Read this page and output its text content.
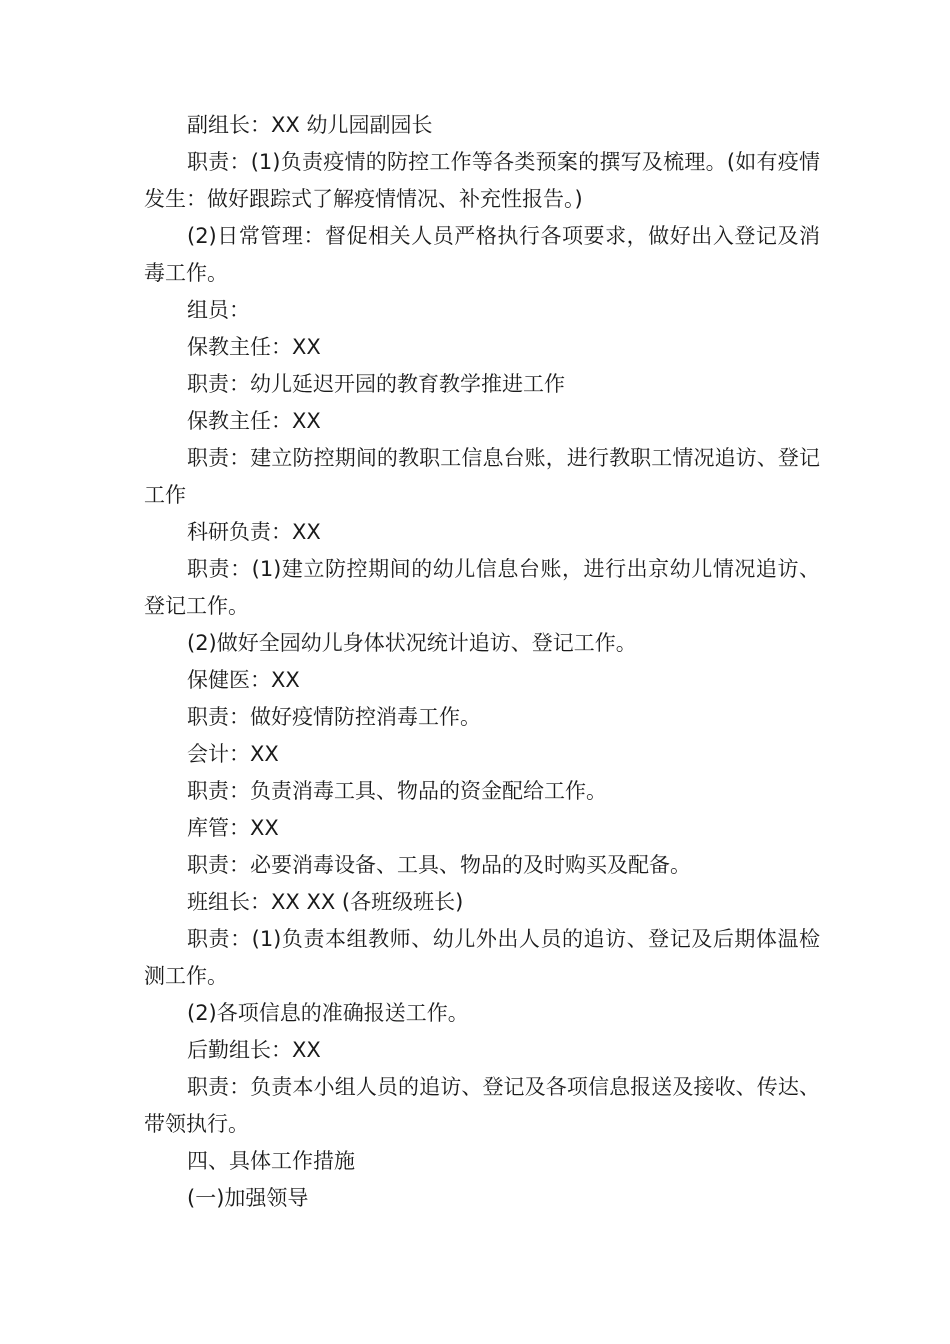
副组长：XX 幼儿园副园长

职责：(1)负责疫情的防控工作等各类预案的撰写及梳理。(如有疫情发生：做好跟踪式了解疫情情况、补充性报告。)

(2)日常管理：督促相关人员严格执行各项要求，做好出入登记及消毒工作。

组员：

保教主任：XX

职责：幼儿延迟开园的教育教学推进工作

保教主任：XX

职责：建立防控期间的教职工信息台账，进行教职工情况追访、登记工作

科研负责：XX

职责：(1)建立防控期间的幼儿信息台账，进行出京幼儿情况追访、登记工作。

(2)做好全园幼儿身体状况统计追访、登记工作。

保健医：XX

职责：做好疫情防控消毒工作。

会计：XX

职责：负责消毒工具、物品的资金配给工作。

库管：XX

职责：必要消毒设备、工具、物品的及时购买及配备。

班组长：XX XX (各班级班长)

职责：(1)负责本组教师、幼儿外出人员的追访、登记及后期体温检测工作。

(2)各项信息的准确报送工作。

后勤组长：XX

职责：负责本小组人员的追访、登记及各项信息报送及接收、传达、带领执行。

四、具体工作措施

(一)加强领导
